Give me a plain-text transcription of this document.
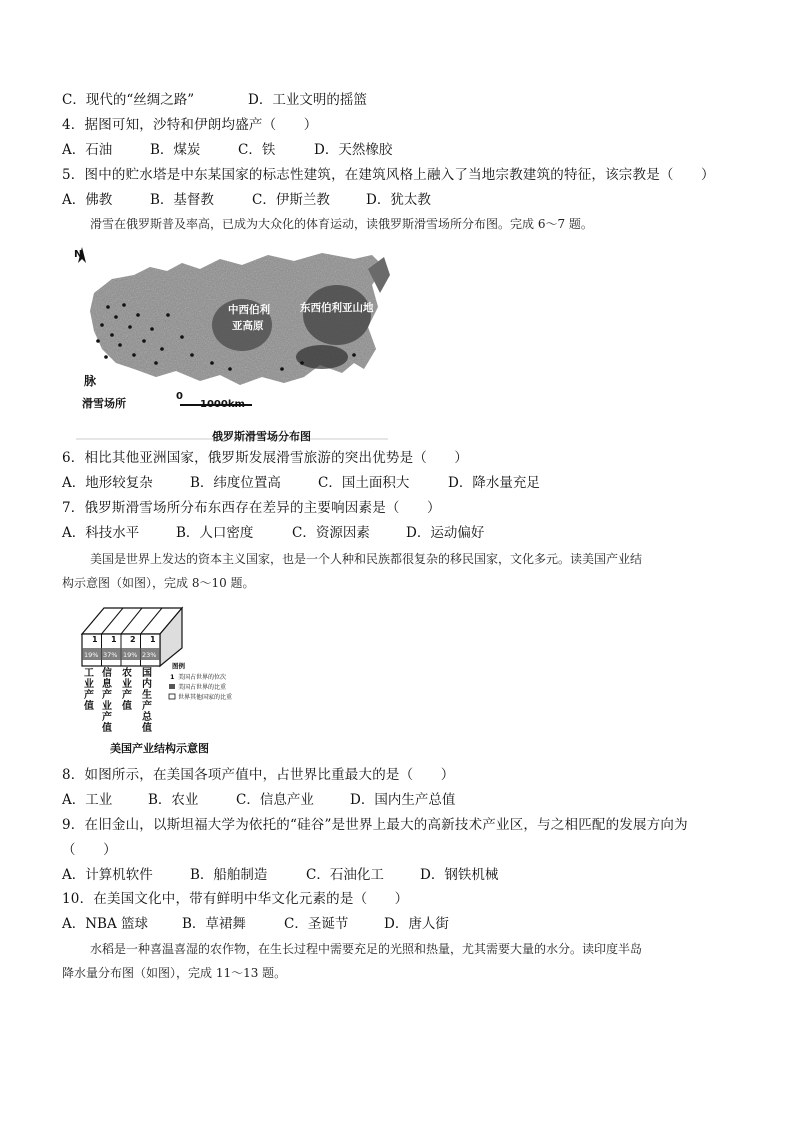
C．现代的“丝绸之路”	D．工业文明的摇篮
4．据图可知，沙特和伊朗均盛产（　　）
A．石油	B．煤炭	C．铁	D．天然橡胶
5．图中的贮水塔是中东某国家的标志性建筑，在建筑风格上融入了当地宗教建筑的特征，该宗教是（　　）
A．佛教	B．基督教	C．伊斯兰教	D．犹太教
滑雪在俄罗斯普及率高，已成为大众化的体育运动，读俄罗斯滑雪场所分布图。完成 6～7 题。
N
中西伯利
亚高原
东西伯利亚山地
脉
滑雪场所
0
1000km
俄罗斯滑雪场分布图
6．相比其他亚洲国家，俄罗斯发展滑雪旅游的突出优势是（　　）
A．地形较复杂	B．纬度位置高	C．国土面积大	D．降水量充足
7．俄罗斯滑雪场所分布东西存在差异的主要响因素是（　　）
A．科技水平	B．人口密度	C．资源因素	D．运动偏好
美国是世界上发达的资本主义国家，也是一个人种和民族都很复杂的移民国家，文化多元。读美国产业结
构示意图（如图），完成 8～10 题。
1 1 2 1
19% 37% 19% 23%
图例
1 美国占世界的位次
美国占世界的比重
世界其他国家的比重
工业产值
信息产业产值
农业产值
国内生产总值
美国产业结构示意图
8．如图所示，在美国各项产值中，占世界比重最大的是（　　）
A．工业	B．农业	C．信息产业	D．国内生产总值
9．在旧金山，以斯坦福大学为依托的“硅谷”是世界上最大的高新技术产业区，与之相匹配的发展方向为
（　　）
A．计算机软件	B．船舶制造	C．石油化工	D．钢铁机械
10．在美国文化中，带有鲜明中华文化元素的是（　　）
A．NBA 篮球	B．草裙舞	C．圣诞节	D．唐人街
水稻是一种喜温喜湿的农作物，在生长过程中需要充足的光照和热量，尤其需要大量的水分。读印度半岛
降水量分布图（如图），完成 11～13 题。
